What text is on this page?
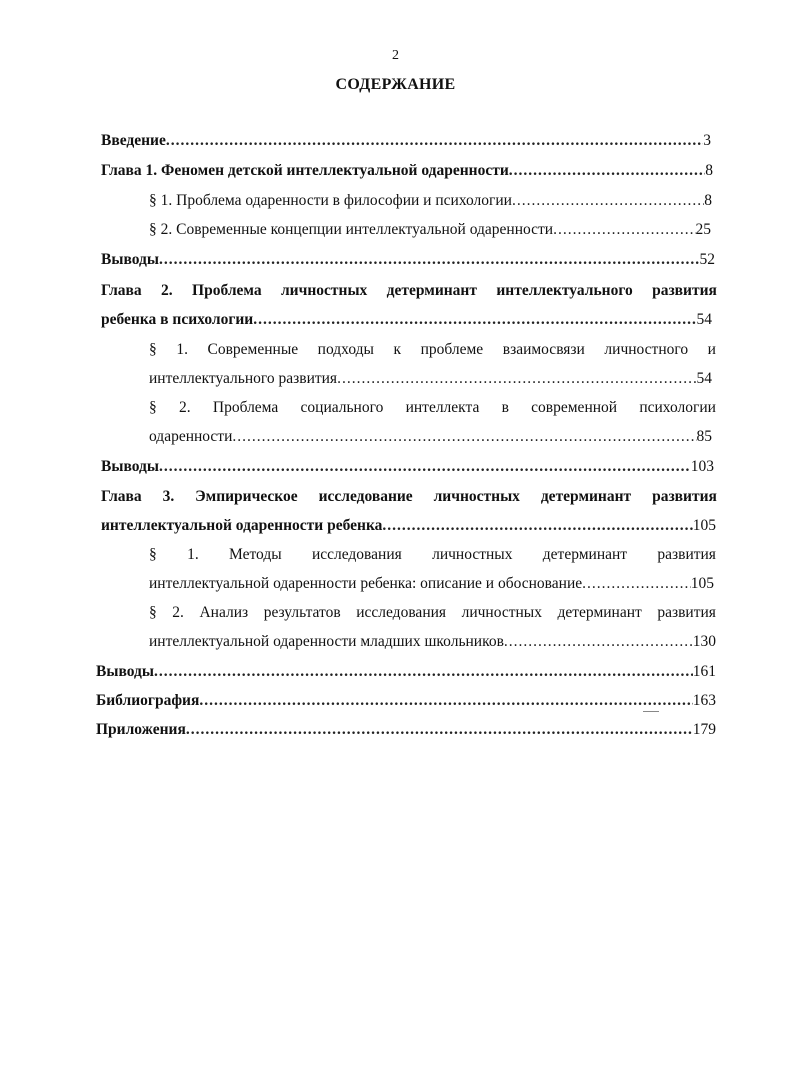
2
СОДЕРЖАНИЕ
Введение .....	3
Глава 1. Феномен детской интеллектуальной одаренности .....	8
§ 1. Проблема одаренности в философии и психологии .....	8
§ 2. Современные концепции интеллектуальной одаренности .....	25
Выводы .....	52
Глава 2. Проблема личностных детерминант интеллектуального развития
ребенка в психологии .....	54
§ 1. Современные подходы к проблеме взаимосвязи личностного и
интеллектуального развития .....	54
§ 2. Проблема социального интеллекта в современной психологии
одаренности .....	85
Выводы .....	103
Глава 3. Эмпирическое исследование личностных детерминант развития
интеллектуальной одаренности ребенка .....	105
§ 1. Методы исследования личностных детерминант развития
интеллектуальной одаренности ребенка: описание и обоснование .....	105
§ 2. Анализ результатов исследования личностных детерминант развития
интеллектуальной одаренности младших школьников .....	130
Выводы .....	161
Библиография .....	163
Приложения .....	179
